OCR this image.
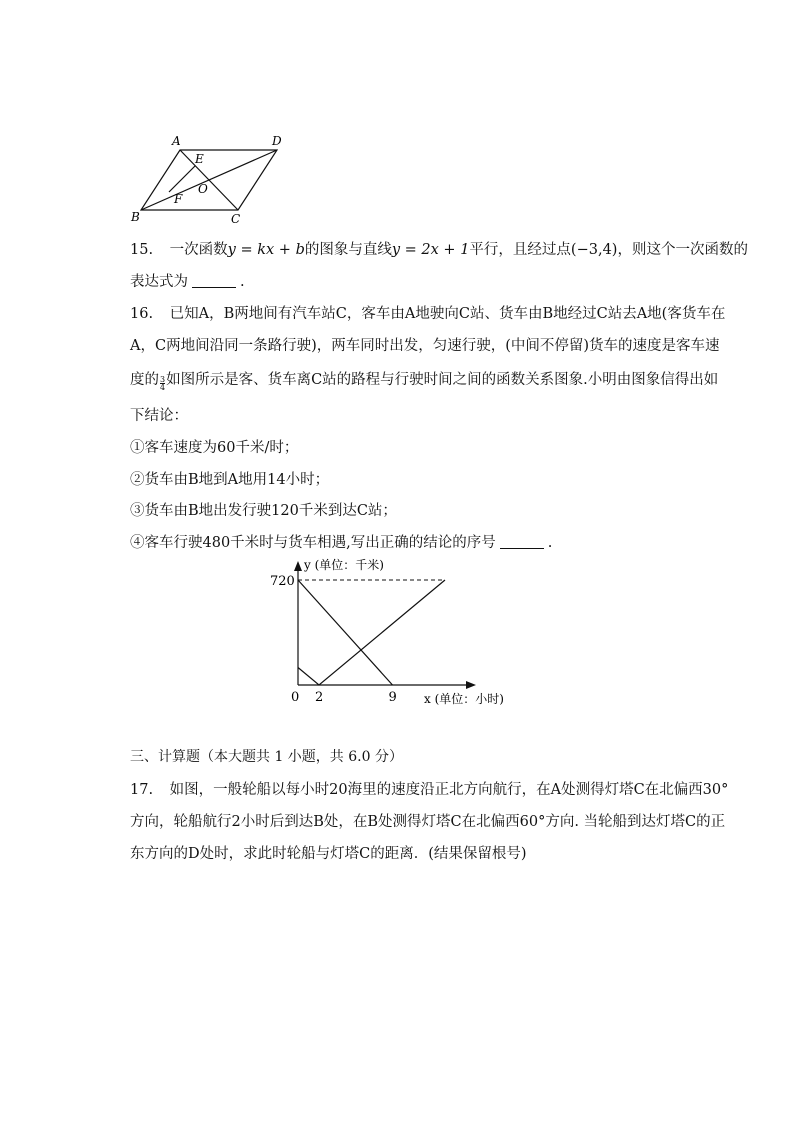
A	D
E
O
F
B	C
15. 一次函数y = kx + b的图象与直线y = 2x + 1平行，且经过点(−3,4)，则这个一次函数的
表达式为	.
16. 已知A，B两地间有汽车站C，客车由A地驶向C站、货车由B地经过C站去A地(客货车在
A，C两地间沿同一条路行驶)，两车同时出发，匀速行驶，(中间不停留)货车的速度是客车速
度的 $\frac{3}{4}$ 如图所示是客、货车离C站的路程与行驶时间之间的函数关系图象.小明由图象信得出如
下结论：
①客车速度为60千米/时；
②货车由B地到A地用14小时；
③货车由B地出发行驶120千米到达C站；
④客车行驶480千米时与货车相遇,写出正确的结论的序号	.
720
0 2	9
y (单位：千米)
x (单位：小时)
三、计算题（本大题共 1 小题，共 6.0 分）
17. 如图，一般轮船以每小时20海里的速度沿正北方向航行，在A处测得灯塔C在北偏西30°
方向，轮船航行2小时后到达B处，在B处测得灯塔C在北偏西60°方向. 当轮船到达灯塔C的正
东方向的D处时，求此时轮船与灯塔C的距离．(结果保留根号)
